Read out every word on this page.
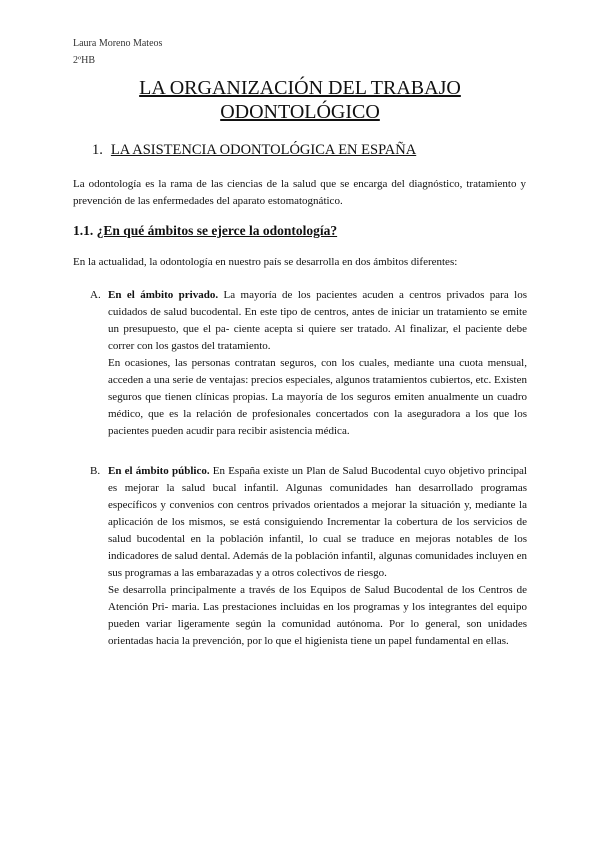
Laura Moreno Mateos
2ºHB
LA ORGANIZACIÓN DEL TRABAJO
ODONTOLÓGICO
1. LA ASISTENCIA ODONTOLÓGICA EN ESPAÑA

La odontología es la rama de las ciencias de la salud que se encarga del diagnóstico, tratamiento y prevención de las enfermedades del aparato estomatognático.

1.1. ¿En qué ámbitos se ejerce la odontología?

En la actualidad, la odontología en nuestro país se desarrolla en dos ámbitos diferentes:

A. En el ámbito privado. La mayoría de los pacientes acuden a centros privados para los cuidados de salud bucodental. En este tipo de centros, antes de iniciar un tratamiento se emite un presupuesto, que el pa- ciente acepta si quiere ser tratado. Al finalizar, el paciente debe correr con los gastos del tratamiento.

En ocasiones, las personas contratan seguros, con los cuales, mediante una cuota mensual, acceden a una serie de ventajas: precios especiales, algunos tratamientos cubiertos, etc. Existen seguros que tienen clínicas propias. La mayoría de los seguros emiten anualmente un cuadro médico, que es la relación de profesionales concertados con la aseguradora a los que los pacientes pueden acudir para recibir asistencia médica.

B. En el ámbito público. En España existe un Plan de Salud Bucodental cuyo objetivo principal es mejorar la salud bucal infantil. Algunas comunidades han desarrollado programas específicos y convenios con centros privados orientados a mejorar la situación y, mediante la aplicación de los mismos, se está consiguiendo Incrementar la cobertura de los servicios de salud bucodental en la población infantil, lo cual se traduce en mejoras notables de los indicadores de salud dental. Además de la población infantil, algunas comunidades incluyen en sus programas a las embarazadas y a otros colectivos de riesgo.

Se desarrolla principalmente a través de los Equipos de Salud Bucodental de los Centros de Atención Pri- maria. Las prestaciones incluidas en los programas y los integrantes del equipo pueden variar ligeramente según la comunidad autónoma. Por lo general, son unidades orientadas hacia la prevención, por lo que el higienista tiene un papel fundamental en ellas.
